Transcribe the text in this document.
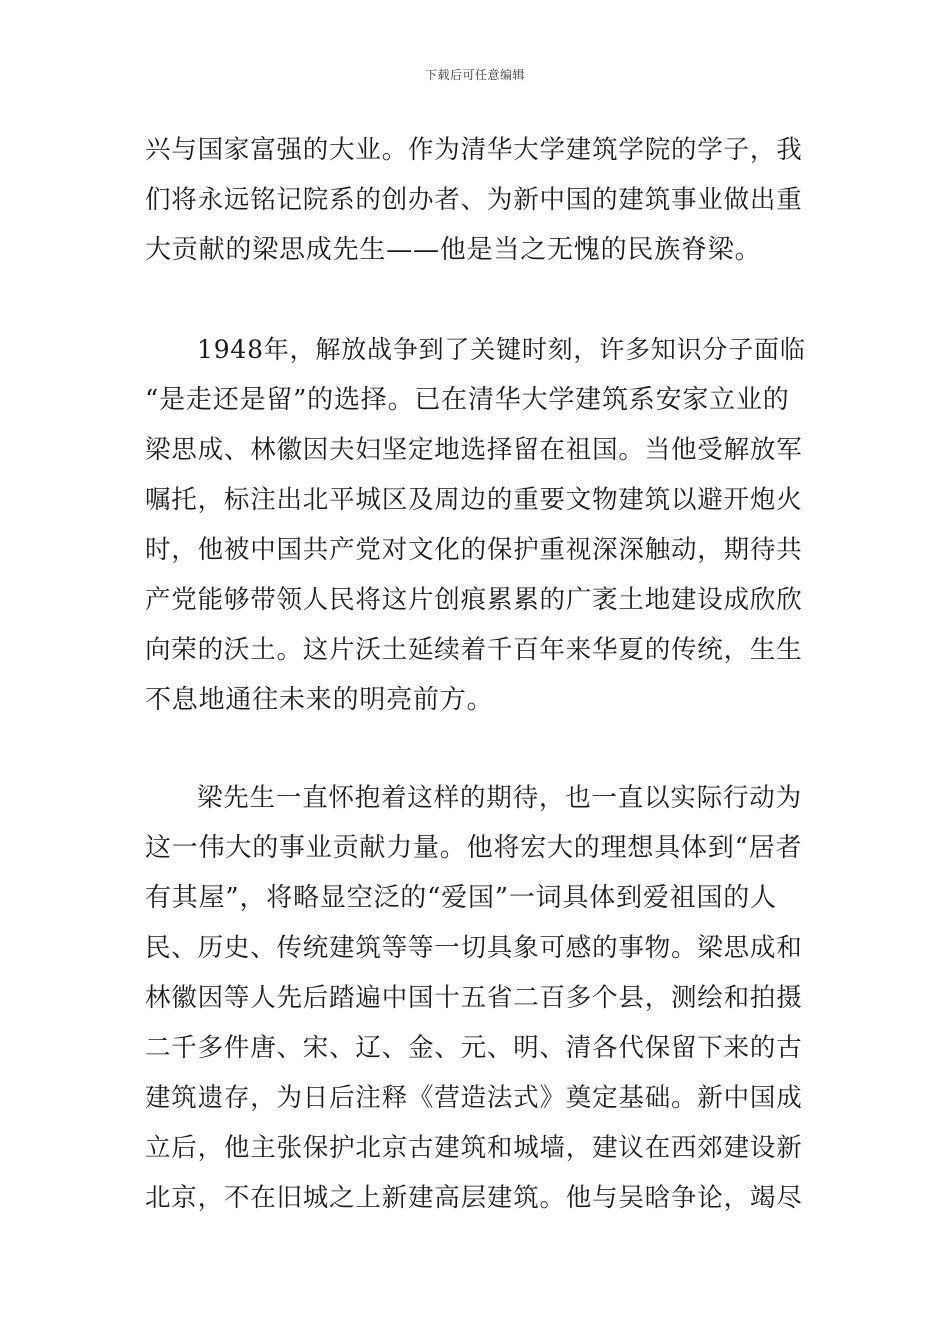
下载后可任意编辑
兴与国家富强的大业。作为清华大学建筑学院的学子，我
们将永远铭记院系的创办者、为新中国的建筑事业做出重
大贡献的梁思成先生——他是当之无愧的民族脊梁。
1948年，解放战争到了关键时刻，许多知识分子面临
“是走还是留”的选择。已在清华大学建筑系安家立业的
梁思成、林徽因夫妇坚定地选择留在祖国。当他受解放军
嘱托，标注出北平城区及周边的重要文物建筑以避开炮火
时，他被中国共产党对文化的保护重视深深触动，期待共
产党能够带领人民将这片创痕累累的广袤土地建设成欣欣
向荣的沃土。这片沃土延续着千百年来华夏的传统，生生
不息地通往未来的明亮前方。
梁先生一直怀抱着这样的期待，也一直以实际行动为
这一伟大的事业贡献力量。他将宏大的理想具体到“居者
有其屋”，将略显空泛的“爱国”一词具体到爱祖国的人
民、历史、传统建筑等等一切具象可感的事物。梁思成和
林徽因等人先后踏遍中国十五省二百多个县，测绘和拍摄
二千多件唐、宋、辽、金、元、明、清各代保留下来的古
建筑遗存，为日后注释《营造法式》奠定基础。新中国成
立后，他主张保护北京古建筑和城墙，建议在西郊建设新
北京，不在旧城之上新建高层建筑。他与吴晗争论，竭尽
